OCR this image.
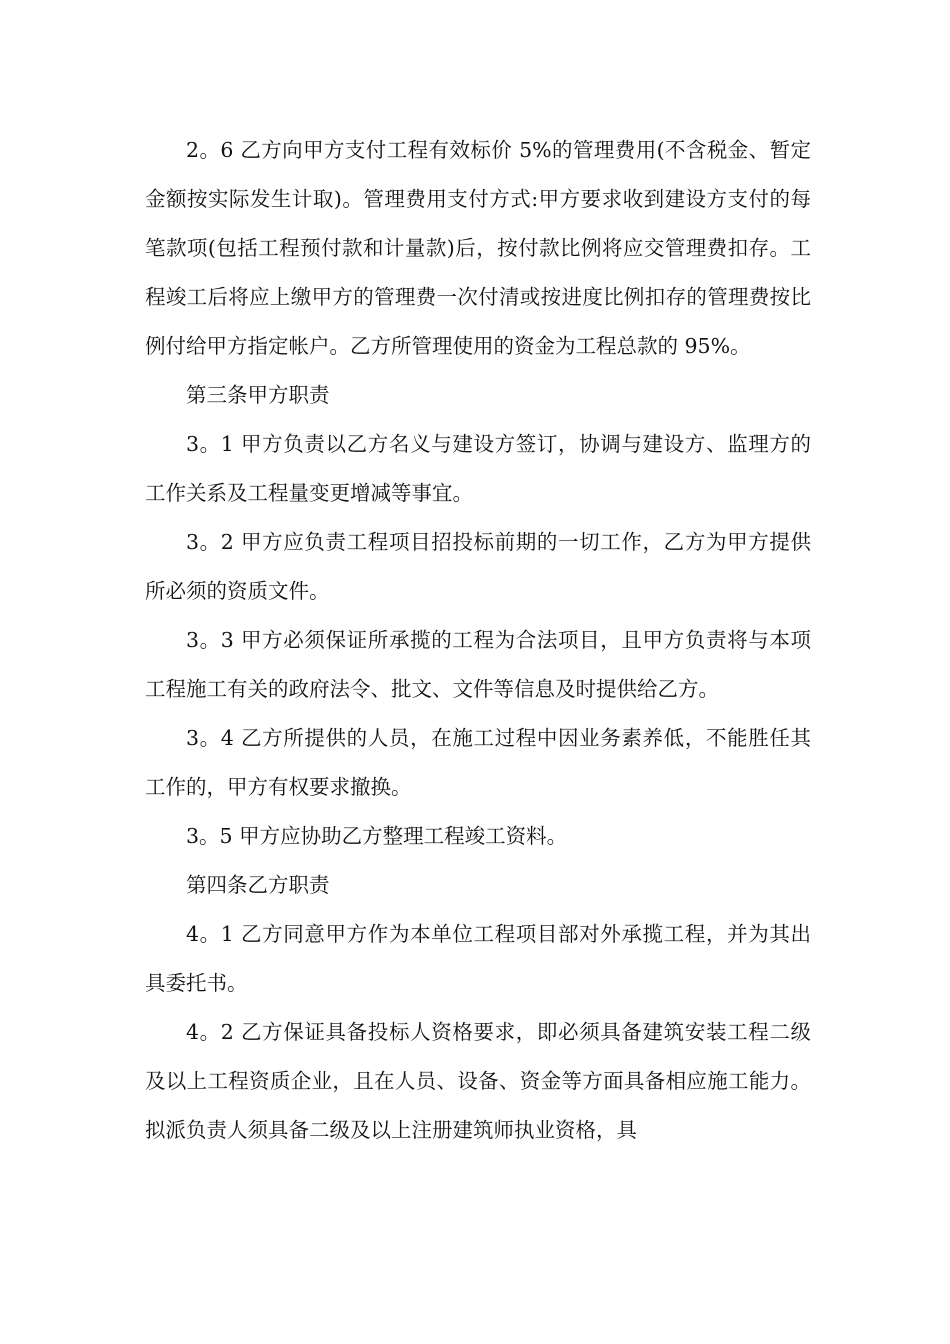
2。6 乙方向甲方支付工程有效标价 5%的管理费用(不含税金、暂定金额按实际发生计取)。管理费用支付方式:甲方要求收到建设方支付的每笔款项(包括工程预付款和计量款)后，按付款比例将应交管理费扣存。工程竣工后将应上缴甲方的管理费一次付清或按进度比例扣存的管理费按比例付给甲方指定帐户。乙方所管理使用的资金为工程总款的 95%。

第三条甲方职责

3。1 甲方负责以乙方名义与建设方签订，协调与建设方、监理方的工作关系及工程量变更增减等事宜。

3。2 甲方应负责工程项目招投标前期的一切工作，乙方为甲方提供所必须的资质文件。

3。3 甲方必须保证所承揽的工程为合法项目，且甲方负责将与本项工程施工有关的政府法令、批文、文件等信息及时提供给乙方。

3。4 乙方所提供的人员，在施工过程中因业务素养低，不能胜任其工作的，甲方有权要求撤换。

3。5 甲方应协助乙方整理工程竣工资料。

第四条乙方职责

4。1 乙方同意甲方作为本单位工程项目部对外承揽工程，并为其出具委托书。

4。2 乙方保证具备投标人资格要求，即必须具备建筑安装工程二级及以上工程资质企业，且在人员、设备、资金等方面具备相应施工能力。拟派负责人须具备二级及以上注册建筑师执业资格，具
